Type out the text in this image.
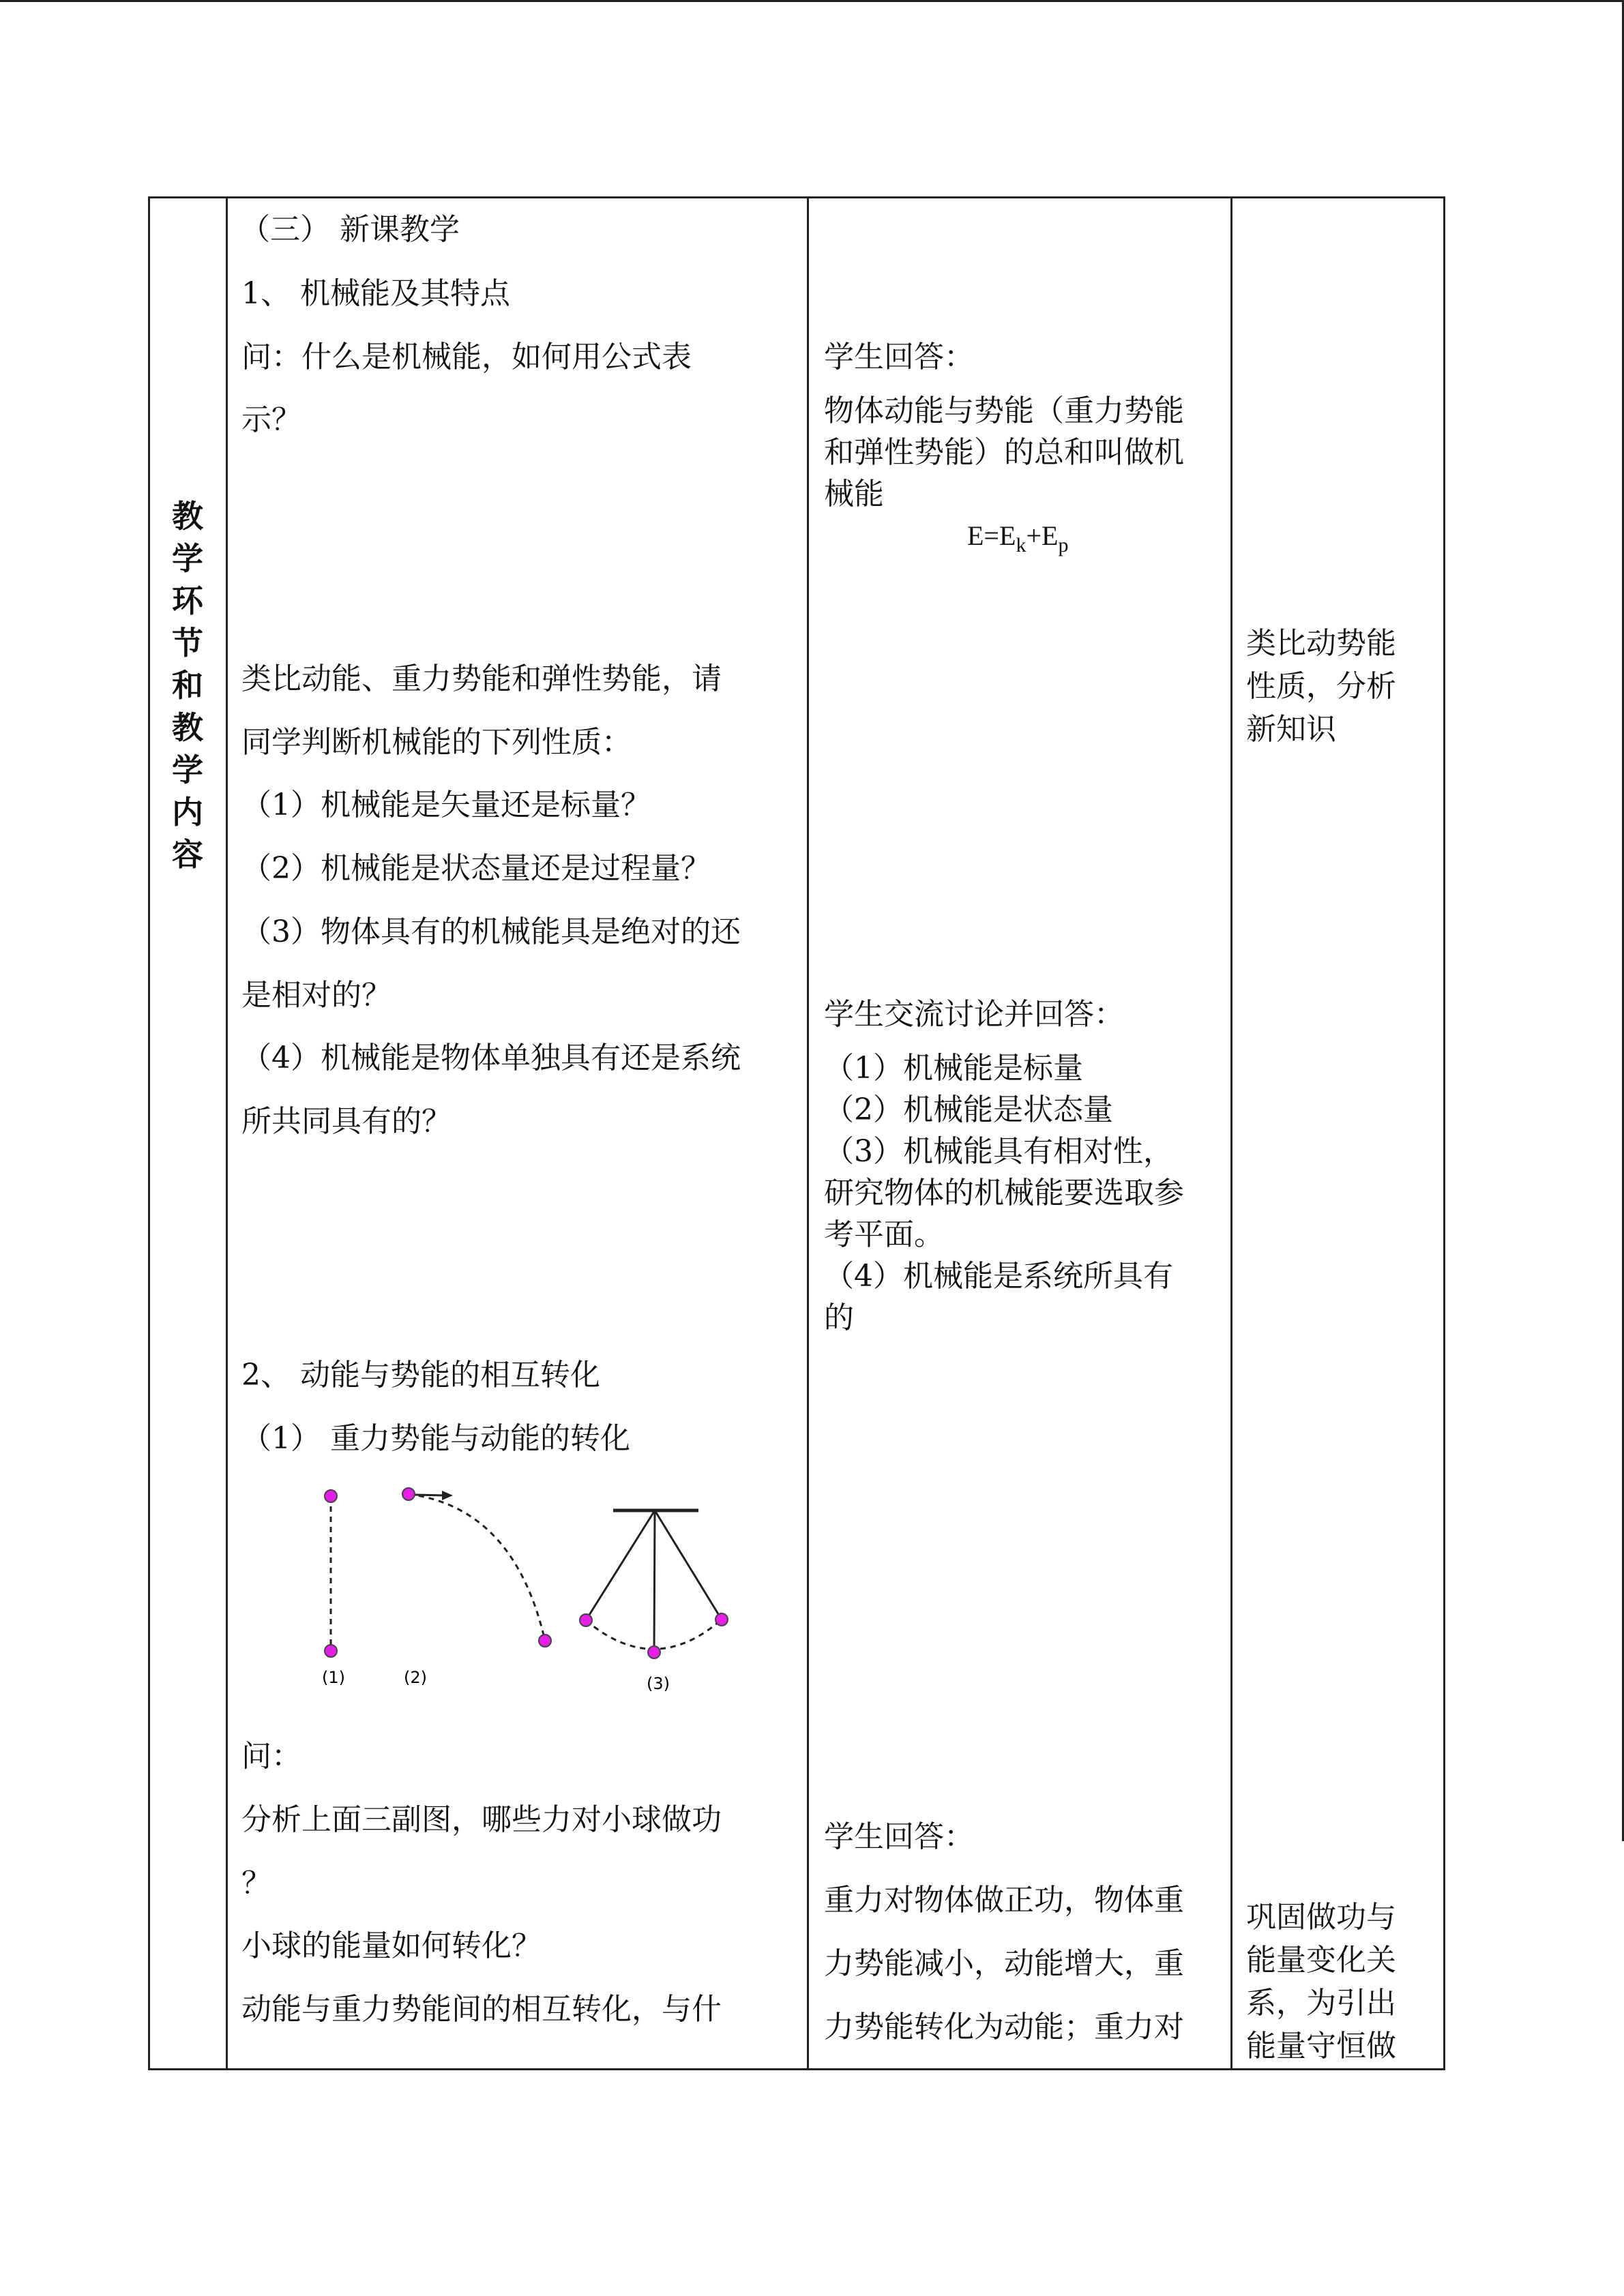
教学环节和教学内容
（三） 新课教学
1、 机械能及其特点
问：什么是机械能，如何用公式表
示？
类比动能、重力势能和弹性势能，请
同学判断机械能的下列性质：
（1）机械能是矢量还是标量？
（2）机械能是状态量还是过程量？
（3）物体具有的机械能具是绝对的还
是相对的？
（4）机械能是物体单独具有还是系统
所共同具有的？
2、 动能与势能的相互转化
（1） 重力势能与动能的转化
(1)	(2)	(3)
问：
分析上面三副图，哪些力对小球做功
？
小球的能量如何转化？
动能与重力势能间的相互转化，与什
学生回答：
物体动能与势能（重力势能
和弹性势能）的总和叫做机
械能
$E=E_k+E_p$
学生交流讨论并回答：
（1）机械能是标量
（2）机械能是状态量
（3）机械能具有相对性，
研究物体的机械能要选取参
考平面。
（4）机械能是系统所具有
的
学生回答：
重力对物体做正功，物体重
力势能减小，动能增大，重
力势能转化为动能；重力对
类比动势能
性质，分析
新知识
巩固做功与
能量变化关
系，为引出
能量守恒做
